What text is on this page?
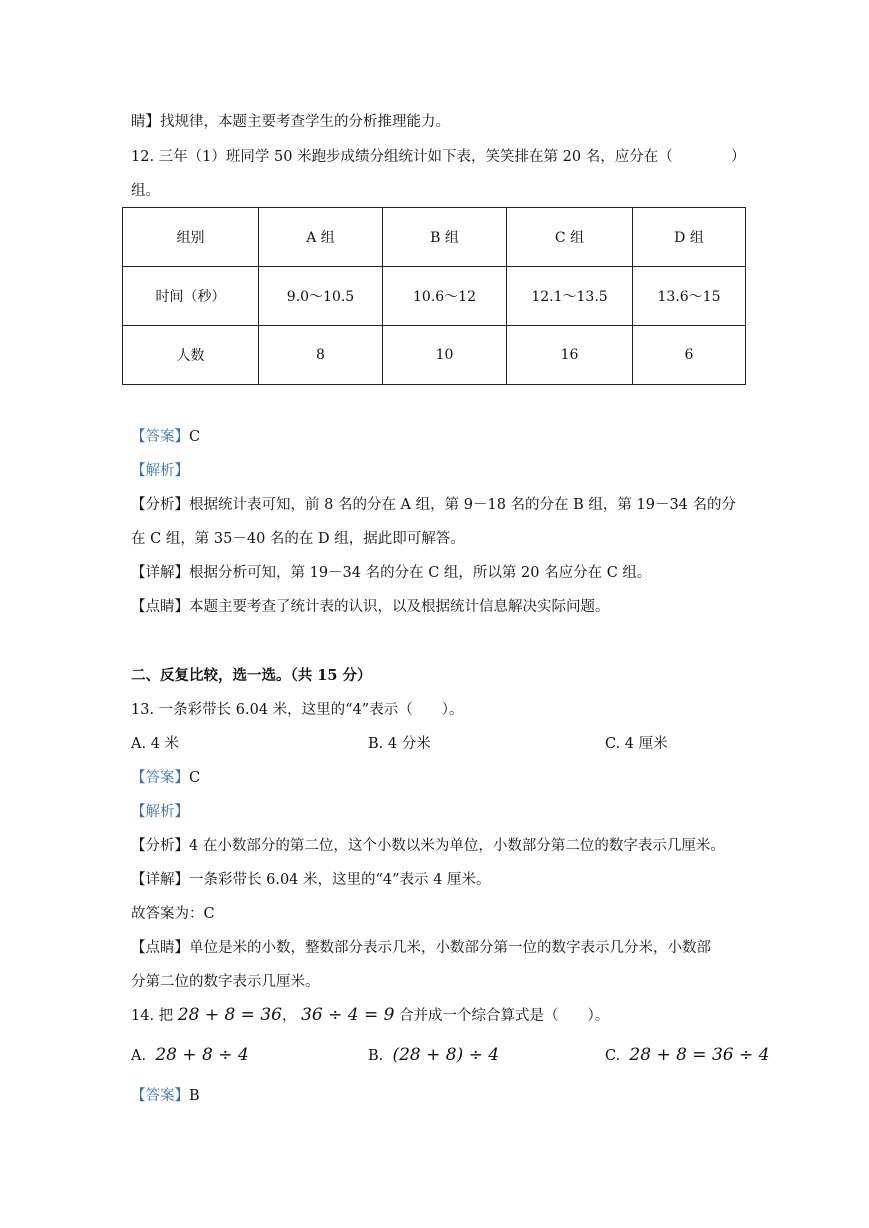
睛】找规律，本题主要考查学生的分析推理能力。
12. 三年（1）班同学 50 米跑步成绩分组统计如下表，笑笑排在第 20 名，应分在（	）
组。
组别	A 组	B 组	C 组	D 组
时间（秒）	9.0～10.5	10.6～12	12.1～13.5	13.6～15
人数	8	10	16	6
【答案】C
【解析】
【分析】根据统计表可知，前 8 名的分在 A 组，第 9－18 名的分在 B 组，第 19－34 名的分
在 C 组，第 35－40 名的在 D 组，据此即可解答。
【详解】根据分析可知，第 19－34 名的分在 C 组，所以第 20 名应分在 C 组。
【点睛】本题主要考查了统计表的认识，以及根据统计信息解决实际问题。
二、反复比较，选一选。（共 15 分）
13. 一条彩带长 6.04 米，这里的“4”表示（　　）。
A. 4 米	B. 4 分米	C. 4 厘米
【答案】C
【解析】
【分析】4 在小数部分的第二位，这个小数以米为单位，小数部分第二位的数字表示几厘米。
【详解】一条彩带长 6.04 米，这里的“4”表示 4 厘米。
故答案为：C
【点睛】单位是米的小数，整数部分表示几米，小数部分第一位的数字表示几分米，小数部
分第二位的数字表示几厘米。
14. 把 28 + 8 = 36， 36 ÷ 4 = 9 合并成一个综合算式是（　　）。
A. 28 + 8 ÷ 4	B. (28 + 8) ÷ 4	C. 28 + 8 = 36 ÷ 4
【答案】B
